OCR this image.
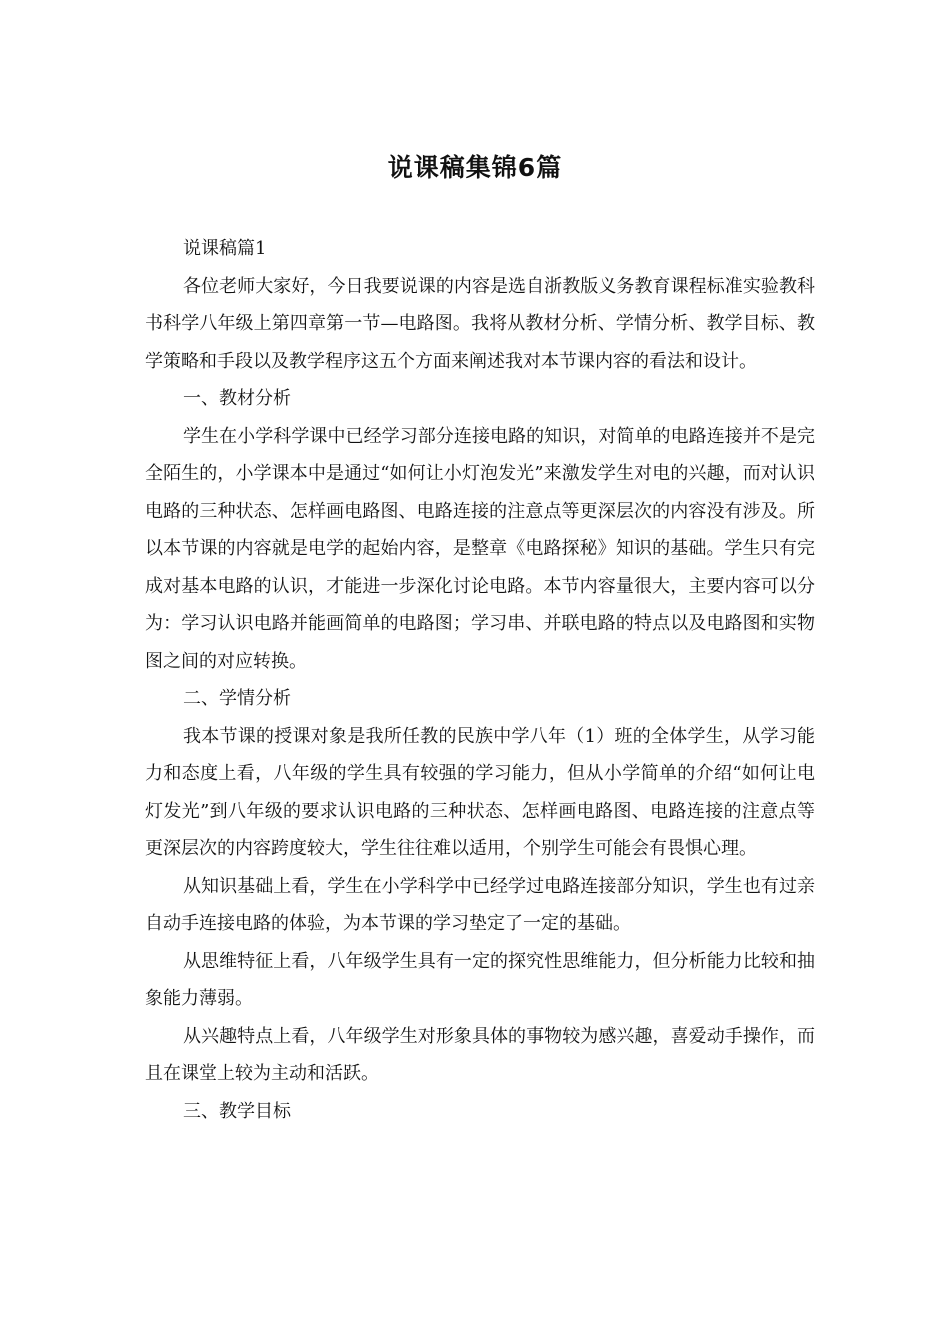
说课稿集锦6篇

说课稿篇1

各位老师大家好，今日我要说课的内容是选自浙教版义务教育课程标准实验教科书科学八年级上第四章第一节—电路图。我将从教材分析、学情分析、教学目标、教学策略和手段以及教学程序这五个方面来阐述我对本节课内容的看法和设计。

一、教材分析

学生在小学科学课中已经学习部分连接电路的知识，对简单的电路连接并不是完全陌生的，小学课本中是通过“如何让小灯泡发光”来激发学生对电的兴趣，而对认识电路的三种状态、怎样画电路图、电路连接的注意点等更深层次的内容没有涉及。所以本节课的内容就是电学的起始内容，是整章《电路探秘》知识的基础。学生只有完成对基本电路的认识，才能进一步深化讨论电路。本节内容量很大，主要内容可以分为：学习认识电路并能画简单的电路图；学习串、并联电路的特点以及电路图和实物图之间的对应转换。

二、学情分析

我本节课的授课对象是我所任教的民族中学八年（1）班的全体学生，从学习能力和态度上看，八年级的学生具有较强的学习能力，但从小学简单的介绍“如何让电灯发光”到八年级的要求认识电路的三种状态、怎样画电路图、电路连接的注意点等更深层次的内容跨度较大，学生往往难以适用，个别学生可能会有畏惧心理。

从知识基础上看，学生在小学科学中已经学过电路连接部分知识，学生也有过亲自动手连接电路的体验，为本节课的学习垫定了一定的基础。

从思维特征上看，八年级学生具有一定的探究性思维能力，但分析能力比较和抽象能力薄弱。

从兴趣特点上看，八年级学生对形象具体的事物较为感兴趣，喜爱动手操作，而且在课堂上较为主动和活跃。

三、教学目标
